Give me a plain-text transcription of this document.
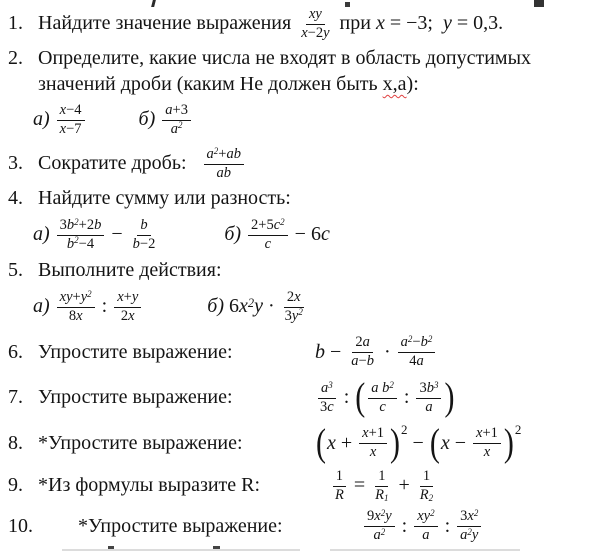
1. Найдите значение выражения $\frac{xy}{x-2y}$ при x = −3; y = 0,3.
2. Определите, какие числа не входят в область допустимых
значений дроби (каким Не должен быть х,а ):
$а) \frac{x-4}{x-7}$	$б) \frac{a+3}{a^2}$
3. Сократите дробь: $\frac{a^2+ab}{ab}$
4. Найдите сумму или разность:
$а) \frac{3b^2+2b}{b^2-4} - \frac{b}{b-2}$	$б) \frac{2+5c^2}{c} - 6$ c
5. Выполните действия:
$а) \frac{xy+y^2}{8x}$ : $\frac{x+y}{2x}$	б) 6 $x^2$ $y \cdot \frac{2x}{3y^2}$
6. Упростите выражение:	$b - \frac{2a}{a-b} \cdot \frac{a^2-b^2}{4a}$
7. Упростите выражение:	$\frac{a^3}{3c}$ : ( $\frac{a b^2}{c}$ : $\frac{3b^3}{a}$ )
8. *Упростите выражение:	( $x + \frac{x+1}{x} )^2$
− ( $x - \frac{x+1}{x} )^2$
9. *Из формулы выразите R:	$\frac{1}{R} = \frac{1}{R_1} + \frac{1}{R_2}$
10.	*Упростите выражение:	$\frac{9x^2y}{a^2}$ : $\frac{xy^2}{a}$ : $\frac{3x^2}{a^2y}$
